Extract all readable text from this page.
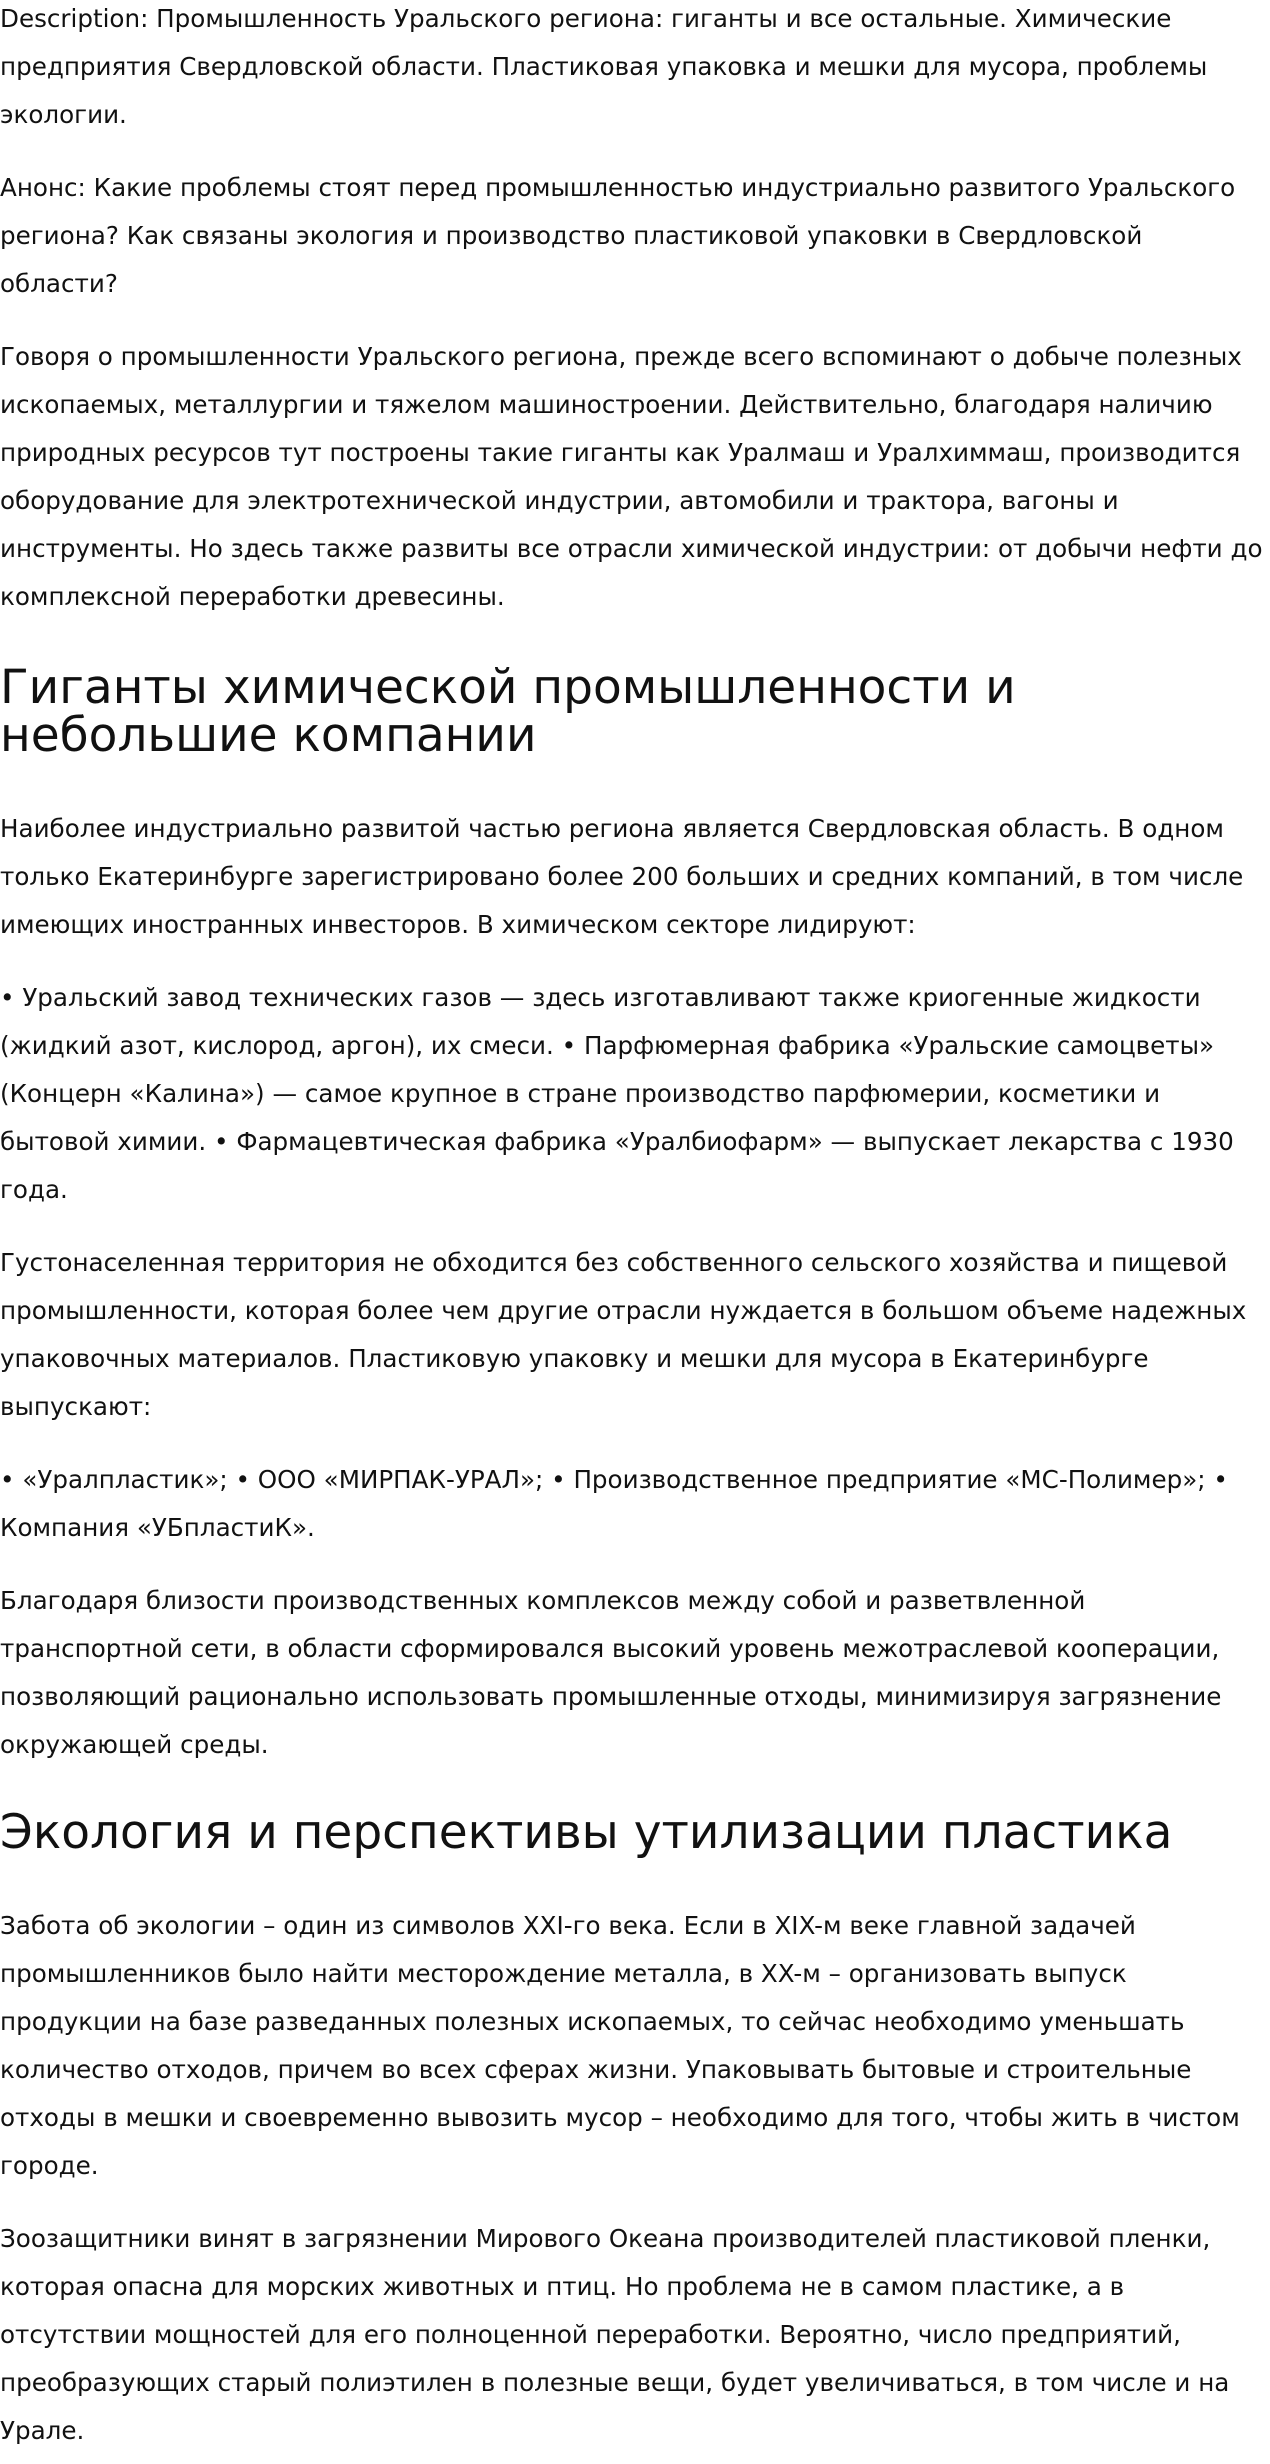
Description: Промышленность Уральского региона: гиганты и все остальные. Химические предприятия Свердловской области. Пластиковая упаковка и мешки для мусора, проблемы экологии.

Анонс: Какие проблемы стоят перед промышленностью индустриально развитого Уральского региона? Как связаны экология и производство пластиковой упаковки в Свердловской области?

Говоря о промышленности Уральского региона, прежде всего вспоминают о добыче полезных ископаемых, металлургии и тяжелом машиностроении. Действительно, благодаря наличию природных ресурсов тут построены такие гиганты как Уралмаш и Уралхиммаш, производится оборудование для электротехнической индустрии, автомобили и трактора, вагоны и инструменты. Но здесь также развиты все отрасли химической индустрии: от добычи нефти до комплексной переработки древесины.

Гиганты химической промышленности и небольшие компании

Наиболее индустриально развитой частью региона является Свердловская область. В одном только Екатеринбурге зарегистрировано более 200 больших и средних компаний, в том числе имеющих иностранных инвесторов. В химическом секторе лидируют:

• Уральский завод технических газов — здесь изготавливают также криогенные жидкости (жидкий азот, кислород, аргон), их смеси. • Парфюмерная фабрика «Уральские самоцветы» (Концерн «Калина») — самое крупное в стране производство парфюмерии, косметики и бытовой химии. • Фармацевтическая фабрика «Уралбиофарм» — выпускает лекарства с 1930 года.

Густонаселенная территория не обходится без собственного сельского хозяйства и пищевой промышленности, которая более чем другие отрасли нуждается в большом объеме надежных упаковочных материалов. Пластиковую упаковку и мешки для мусора в Екатеринбурге выпускают:

• «Уралпластик»; • ООО «МИРПАК-УРАЛ»; • Производственное предприятие «МС-Полимер»; • Компания «УБпластиК».

Благодаря близости производственных комплексов между собой и разветвленной транспортной сети, в области сформировался высокий уровень межотраслевой кооперации, позволяющий рационально использовать промышленные отходы, минимизируя загрязнение окружающей среды.

Экология и перспективы утилизации пластика

Забота об экологии – один из символов XXI-го века. Если в XIX-м веке главной задачей промышленников было найти месторождение металла, в XX-м – организовать выпуск продукции на базе разведанных полезных ископаемых, то сейчас необходимо уменьшать количество отходов, причем во всех сферах жизни. Упаковывать бытовые и строительные отходы в мешки и своевременно вывозить мусор – необходимо для того, чтобы жить в чистом городе.

Зоозащитники винят в загрязнении Мирового Океана производителей пластиковой пленки, которая опасна для морских животных и птиц. Но проблема не в самом пластике, а в отсутствии мощностей для его полноценной переработки. Вероятно, число предприятий, преобразующих старый полиэтилен в полезные вещи, будет увеличиваться, в том числе и на Урале.
